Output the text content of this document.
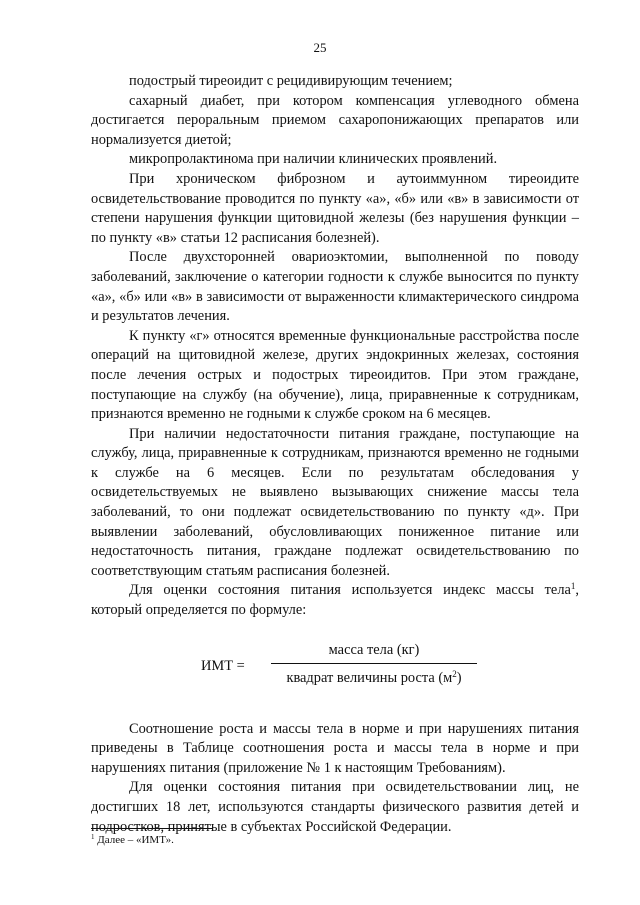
25

подострый тиреоидит с рецидивирующим течением;

сахарный диабет, при котором компенсация углеводного обмена достигается пероральным приемом сахаропонижающих препаратов или нормализуется диетой;

микропролактинома при наличии клинических проявлений.

При хроническом фиброзном и аутоиммунном тиреоидите освидетельствование проводится по пункту «а», «б» или «в» в зависимости от степени нарушения функции щитовидной железы (без нарушения функции – по пункту «в» статьи 12 расписания болезней).

После двухсторонней овариоэктомии, выполненной по поводу заболеваний, заключение о категории годности к службе выносится по пункту «а», «б» или «в» в зависимости от выраженности климактерического синдрома и результатов лечения.

К пункту «г» относятся временные функциональные расстройства после операций на щитовидной железе, других эндокринных железах, состояния после лечения острых и подострых тиреоидитов. При этом граждане, поступающие на службу (на обучение), лица, приравненные к сотрудникам, признаются временно не годными к службе сроком на 6 месяцев.

При наличии недостаточности питания граждане, поступающие на службу, лица, приравненные к сотрудникам, признаются временно не годными к службе на 6 месяцев. Если по результатам обследования у освидетельствуемых не выявлено вызывающих снижение массы тела заболеваний, то они подлежат освидетельствованию по пункту «д». При выявлении заболеваний, обусловливающих пониженное питание или недостаточность питания, граждане подлежат освидетельствованию по соответствующим статьям расписания болезней.

Для оценки состояния питания используется индекс массы тела$^1$, который определяется по формуле:

ИМТ =
масса тела (кг)
квадрат величины роста $(м^2)$

Соотношение роста и массы тела в норме и при нарушениях питания приведены в Таблице соотношения роста и массы тела в норме и при нарушениях питания (приложение № 1 к настоящим Требованиям).

Для оценки состояния питания при освидетельствовании лиц, не достигших 18 лет, используются стандарты физического развития детей и подростков, принятые в субъектах Российской Федерации.

$^1$ Далее – «ИМТ».
